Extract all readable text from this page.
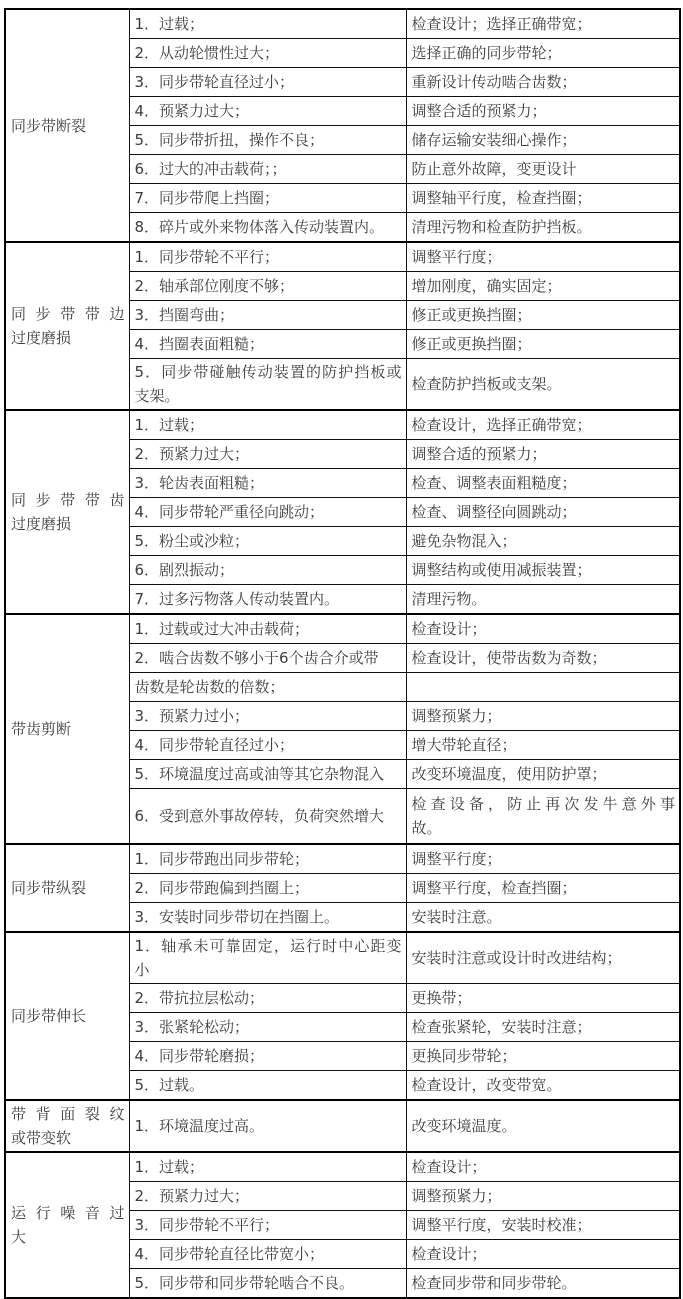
同步带断裂	1．过载；	检查设计；选择正确带宽；

	2．从动轮惯性过大；	选择正确的同步带轮；

	3．同步带轮直径过小；	重新设计传动啮合齿数；

	4．预紧力过大；	调整合适的预紧力；

	5．同步带折扭，操作不良；	储存运输安装细心操作；

	6．过大的冲击载荷；；	防止意外故障，变更设计

	7．同步带爬上挡圈；	调整轴平行度，检查挡圈；

	8．碎片或外来物体落入传动装置内。	清理污物和检查防护挡板。

同步带带边
过度磨损	1．同步带轮不平行；	调整平行度；

	2．轴承部位刚度不够；	增加刚度，确实固定；

	3．挡圈弯曲；	修正或更换挡圈；

	4．挡圈表面粗糙；	修正或更换挡圈；

	5．同步带碰触传动装置的防护挡板或
支架。	检查防护挡板或支架。

同步带带齿
过度磨损	1．过载；	检查设计，选择正确带宽；

	2．预紧力过大；	调整合适的预紧力；

	3．轮齿表面粗糙；	检查、调整表面粗糙度；

	4．同步带轮严重径向跳动；	检查、调整径向圆跳动；

	5．粉尘或沙粒；	避免杂物混入；

	6．剧烈振动；	调整结构或使用减振装置；

	7．过多污物落人传动装置内。	清理污物。

带齿剪断	1．过载或过大冲击载荷；	检查设计；

	2．啮合齿数不够小于6个齿合介或带	检查设计，使带齿数为奇数；

	齿数是轮齿数的倍数；	

	3．预紧力过小；	调整预紧力；

	4．同步带轮直径过小；	增大带轮直径；

	5．环境温度过高或油等其它杂物混入	改变环境温度，使用防护罩；

	6．受到意外事故停转，负荷突然增大	检查设备，防止再次发牛意外事
故。

同步带纵裂	1．同步带跑出同步带轮；	调整平行度；

	2．同步带跑偏到挡圈上；	调整平行度，检查挡圈；

	3．安装时同步带切在挡圈上。	安装时注意。

同步带伸长	1．轴承未可靠固定，运行时中心距变
小	安装时注意或设计时改进结构；

	2．带抗拉层松动；	更换带；

	3．张紧轮松动；	检查张紧轮，安装时注意；

	4．同步带轮磨损；	更换同步带轮；

	5．过载。	检查设计，改变带宽。

带背面裂纹
或带变软	1．环境温度过高。	改变环境温度。

运行噪音过
大	1．过载；	检查设计；

	2．预紧力过大；	调整预紧力；

	3．同步带轮不平行；	调整平行度，安装时校准；

	4．同步带轮直径比带宽小；	检查设计；

	5．同步带和同步带轮啮合不良。	检查同步带和同步带轮。
